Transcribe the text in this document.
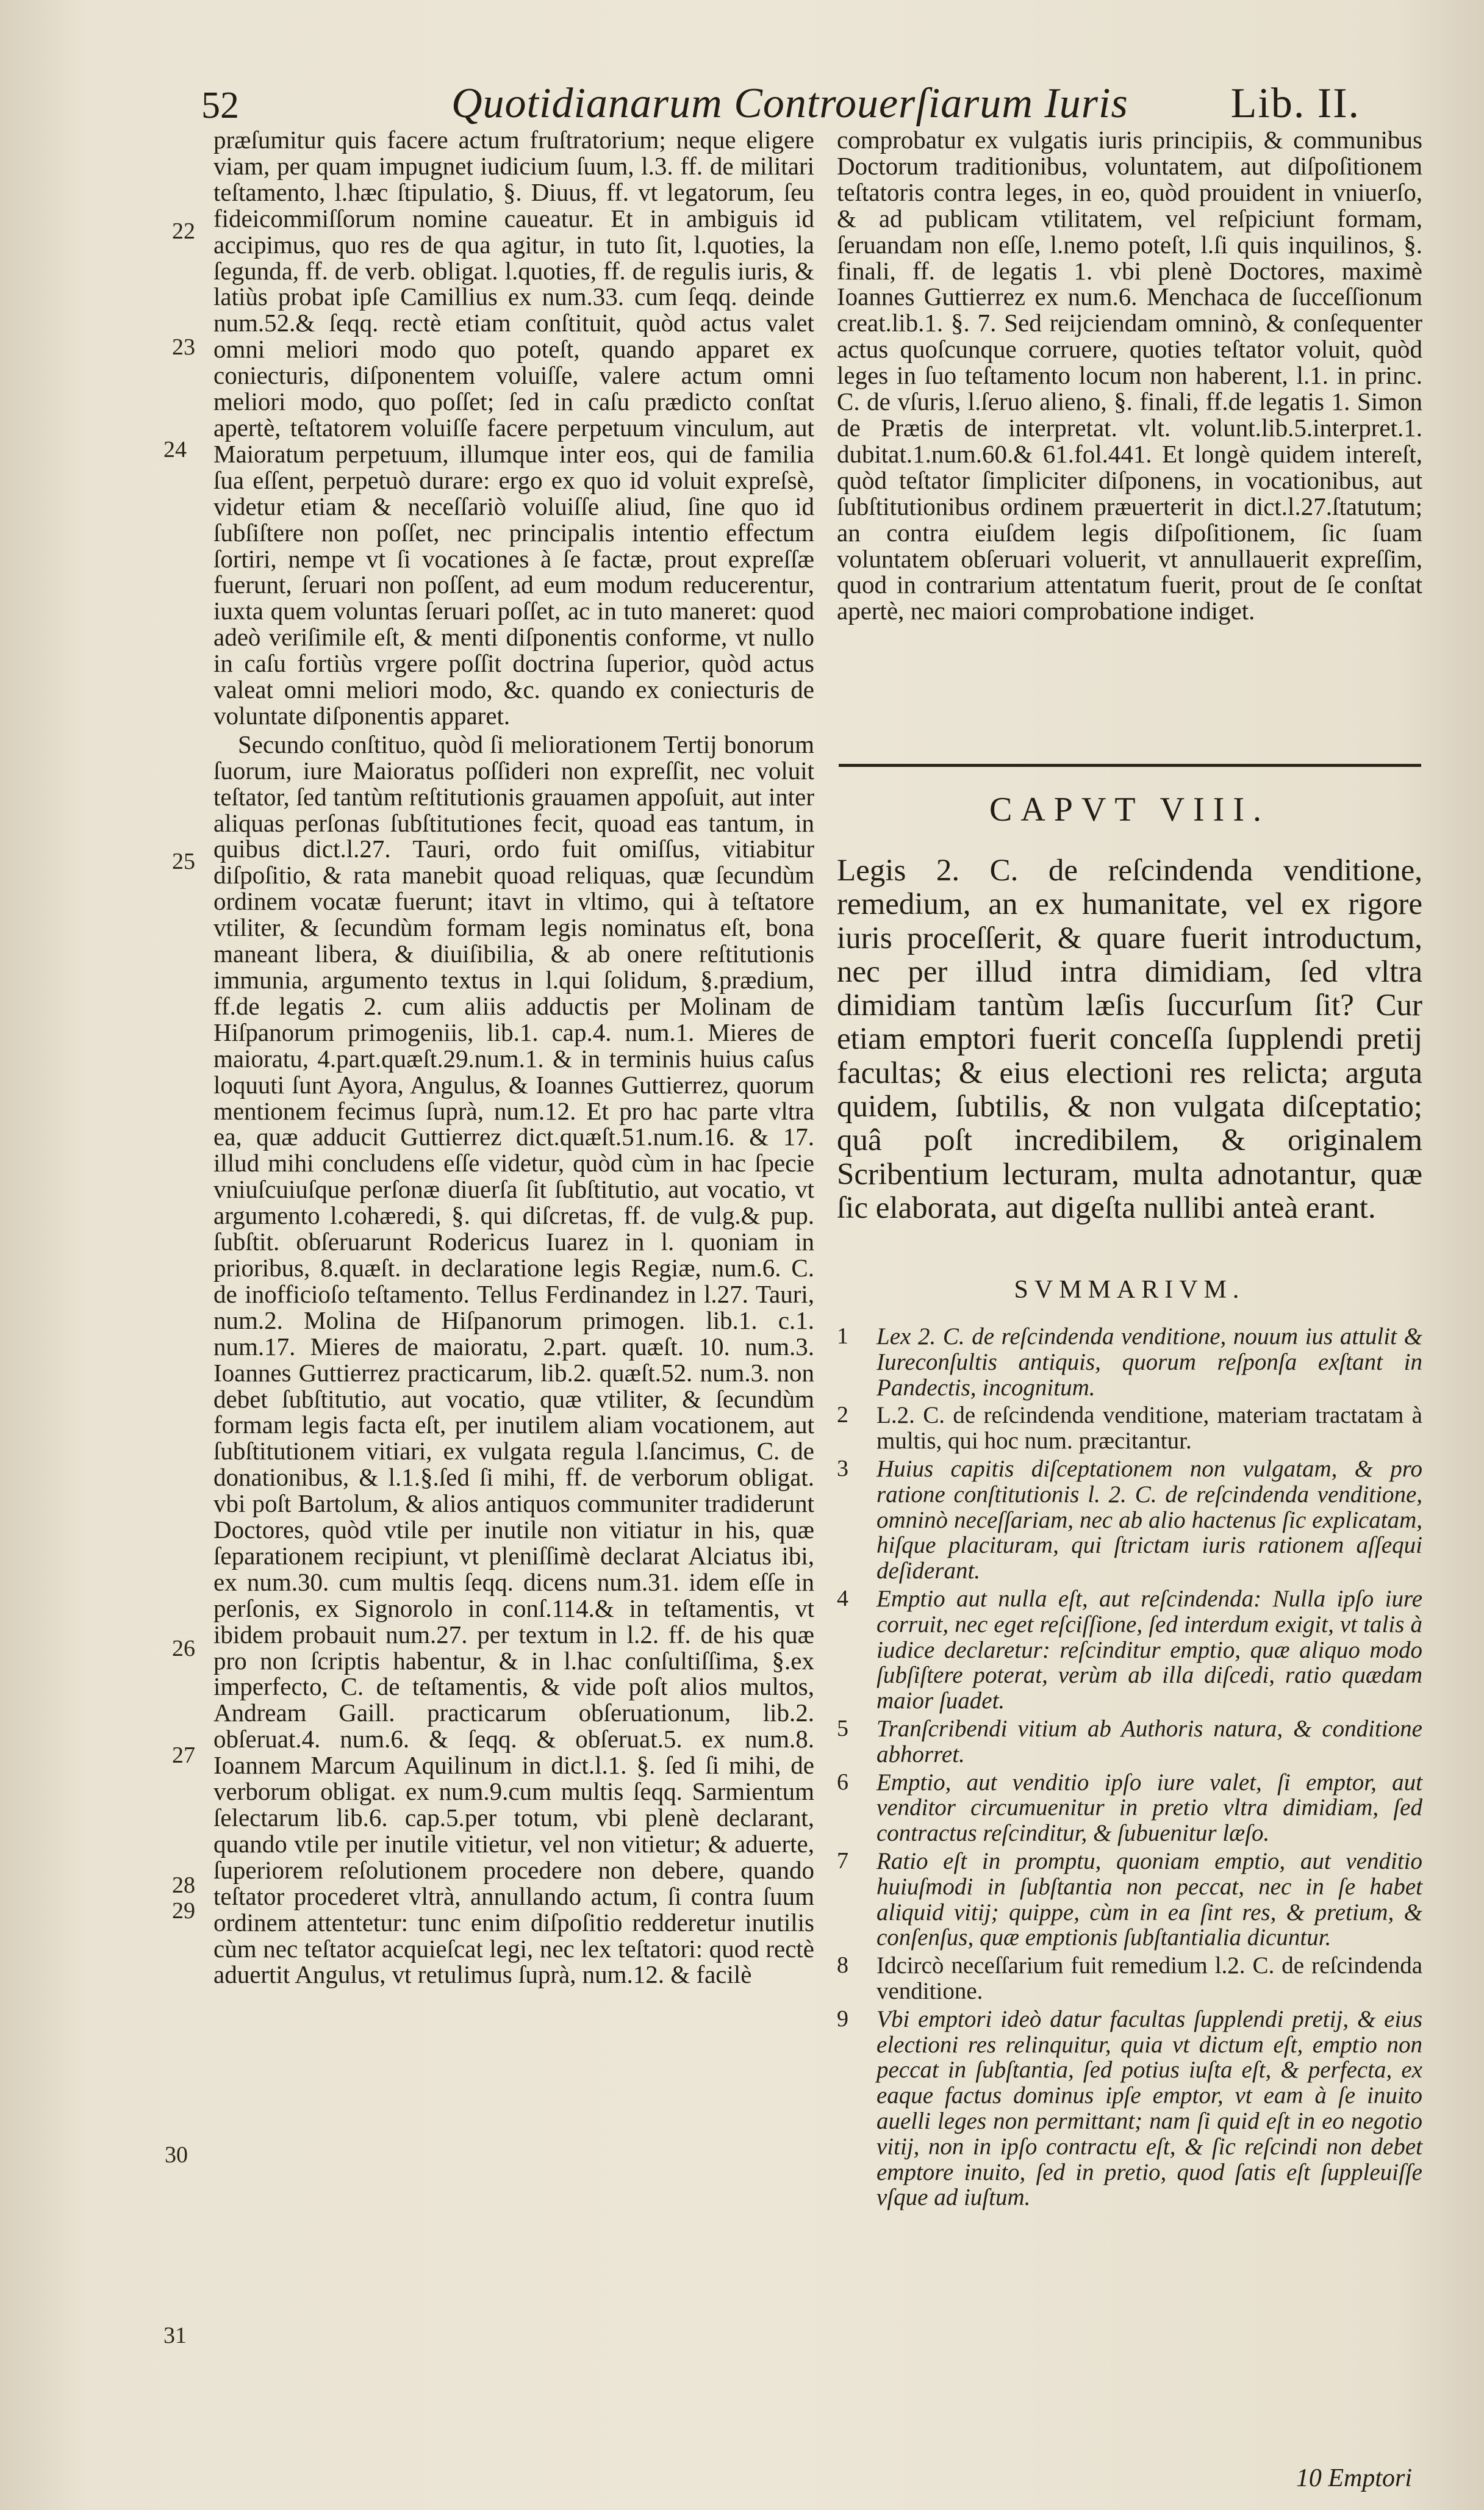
52	Quotidianarum Controuerſiarum Iuris Lib. II.
22
23
24
25
26
27
28
29
30
31

præſumitur quis facere actum fruſtratorium; neque eligere viam, per quam impugnet iudicium ſuum, l.3. ff. de militari teſtamento, l.hæc ſtipulatio, §. Diuus, ff. vt legatorum, ſeu fideicommiſſorum nomine caueatur. Et in ambiguis id accipimus, quo res de qua agitur, in tuto ſit, l.quoties, la ſegunda, ff. de verb. obligat. l.quoties, ff. de regulis iuris, & latiùs probat ipſe Camillius ex num.33. cum ſeqq. deinde num.52.& ſeqq. rectè etiam conſtituit, quòd actus valet omni meliori modo quo poteſt, quando apparet ex coniecturis, diſponentem voluiſſe, valere actum omni meliori modo, quo poſſet; ſed in caſu prædicto conſtat apertè, teſtatorem voluiſſe facere perpetuum vinculum, aut Maioratum perpetuum, illumque inter eos, qui de familia ſua eſſent, perpetuò durare: ergo ex quo id voluit expreſsè, videtur etiam & neceſſariò voluiſſe aliud, ſine quo id ſubſiſtere non poſſet, nec principalis intentio effectum ſortiri, nempe vt ſi vocationes à ſe factæ, prout expreſſæ fuerunt, ſeruari non poſſent, ad eum modum reducerentur, iuxta quem voluntas ſeruari poſſet, ac in tuto maneret: quod adeò veriſimile eſt, & menti diſponentis conforme, vt nullo in caſu fortiùs vrgere poſſit doctrina ſuperior, quòd actus valeat omni meliori modo, &c. quando ex coniecturis de voluntate diſponentis apparet.

Secundo conſtituo, quòd ſi meliorationem Tertij bonorum ſuorum, iure Maioratus poſſideri non expreſſit, nec voluit teſtator, ſed tantùm reſtitutionis grauamen appoſuit, aut inter aliquas perſonas ſubſtitutiones fecit, quoad eas tantum, in quibus dict.l.27. Tauri, ordo fuit omiſſus, vitiabitur diſpoſitio, & rata manebit quoad reliquas, quæ ſecundùm ordinem vocatæ fuerunt; itavt in vltimo, qui à teſtatore vtiliter, & ſecundùm formam legis nominatus eſt, bona maneant libera, & diuiſibilia, & ab onere reſtitutionis immunia, argumento textus in l.qui ſolidum, §.prædium, ff.de legatis 2. cum aliis adductis per Molinam de Hiſpanorum primogeniis, lib.1. cap.4. num.1. Mieres de maioratu, 4.part.quæſt.29.num.1. & in terminis huius caſus loquuti ſunt Ayora, Angulus, & Ioannes Guttierrez, quorum mentionem fecimus ſuprà, num.12. Et pro hac parte vltra ea, quæ adducit Guttierrez dict.quæſt.51.num.16. & 17. illud mihi concludens eſſe videtur, quòd cùm in hac ſpecie vniuſcuiuſque perſonæ diuerſa ſit ſubſtitutio, aut vocatio, vt argumento l.cohæredi, §. qui diſcretas, ff. de vulg.& pup. ſubſtit. obſeruarunt Rodericus Iuarez in l. quoniam in prioribus, 8.quæſt. in declaratione legis Regiæ, num.6. C. de inofficioſo teſtamento. Tellus Ferdinandez in l.27. Tauri, num.2. Molina de Hiſpanorum primogen. lib.1. c.1. num.17. Mieres de maioratu, 2.part. quæſt. 10. num.3. Ioannes Guttierrez practicarum, lib.2. quæſt.52. num.3. non debet ſubſtitutio, aut vocatio, quæ vtiliter, & ſecundùm formam legis facta eſt, per inutilem aliam vocationem, aut ſubſtitutionem vitiari, ex vulgata regula l.ſancimus, C. de donationibus, & l.1.§.ſed ſi mihi, ff. de verborum obligat. vbi poſt Bartolum, & alios antiquos communiter tradiderunt Doctores, quòd vtile per inutile non vitiatur in his, quæ ſeparationem recipiunt, vt pleniſſimè declarat Alciatus ibi, ex num.30. cum multis ſeqq. dicens num.31. idem eſſe in perſonis, ex Signorolo in conſ.114.& in teſtamentis, vt ibidem probauit num.27. per textum in l.2. ff. de his quæ pro non ſcriptis habentur, & in l.hac conſultiſſima, §.ex imperfecto, C. de teſtamentis, & vide poſt alios multos, Andream Gaill. practicarum obſeruationum, lib.2. obſeruat.4. num.6. & ſeqq. & obſeruat.5. ex num.8. Ioannem Marcum Aquilinum in dict.l.1. §. ſed ſi mihi, de verborum obligat. ex num.9.cum multis ſeqq. Sarmientum ſelectarum lib.6. cap.5.per totum, vbi plenè declarant, quando vtile per inutile vitietur, vel non vitietur; & aduerte, ſuperiorem reſolutionem procedere non debere, quando teſtator procederet vltrà, annullando actum, ſi contra ſuum ordinem attentetur: tunc enim diſpoſitio redderetur inutilis cùm nec teſtator acquieſcat legi, nec lex teſtatori: quod rectè aduertit Angulus, vt retulimus ſuprà, num.12. & facilè

comprobatur ex vulgatis iuris principiis, & communibus Doctorum traditionibus, voluntatem, aut diſpoſitionem teſtatoris contra leges, in eo, quòd prouident in vniuerſo, & ad publicam vtilitatem, vel reſpiciunt formam, ſeruandam non eſſe, l.nemo poteſt, l.ſi quis inquilinos, §. finali, ff. de legatis 1. vbi plenè Doctores, maximè Ioannes Guttierrez ex num.6. Menchaca de ſucceſſionum creat.lib.1. §. 7. Sed reijciendam omninò, & conſequenter actus quoſcunque corruere, quoties teſtator voluit, quòd leges in ſuo teſtamento locum non haberent, l.1. in princ. C. de vſuris, l.ſeruo alieno, §. finali, ff.de legatis 1. Simon de Prætis de interpretat. vlt. volunt.lib.5.interpret.1. dubitat.1.num.60.& 61.fol.441. Et longè quidem intereſt, quòd teſtator ſimpliciter diſponens, in vocationibus, aut ſubſtitutionibus ordinem præuerterit in dict.l.27.ſtatutum; an contra eiuſdem legis diſpoſitionem, ſic ſuam voluntatem obſeruari voluerit, vt annullauerit expreſſim, quod in contrarium attentatum fuerit, prout de ſe conſtat apertè, nec maiori comprobatione indiget.

CAPVT VIII.

Legis 2. C. de reſcindenda venditione, remedium, an ex humanitate, vel ex rigore iuris proceſſerit, & quare fuerit introductum, nec per illud intra dimidiam, ſed vltra dimidiam tantùm læſis ſuccurſum ſit? Cur etiam emptori fuerit conceſſa ſupplendi pretij facultas; & eius electioni res relicta; arguta quidem, ſubtilis, & non vulgata diſceptatio; quâ poſt incredibilem, & originalem Scribentium lecturam, multa adnotantur, quæ ſic elaborata, aut digeſta nullibi anteà erant.

SVMMARIVM.
1 Lex 2. C. de reſcindenda venditione, nouum ius attulit & Iureconſultis antiquis, quorum reſponſa exſtant in Pandectis, incognitum.
2 L.2. C. de reſcindenda venditione, materiam tractatam à multis, qui hoc num. præcitantur.
3 Huius capitis diſceptationem non vulgatam, & pro ratione conſtitutionis l. 2. C. de reſcindenda venditione, omninò neceſſariam, nec ab alio hactenus ſic explicatam, hiſque placituram, qui ſtrictam iuris rationem aſſequi deſiderant.
4 Emptio aut nulla eſt, aut reſcindenda: Nulla ipſo iure corruit, nec eget reſciſſione, ſed interdum exigit, vt talis à iudice declaretur: reſcinditur emptio, quæ aliquo modo ſubſiſtere poterat, verùm ab illa diſcedi, ratio quædam maior ſuadet.
5 Tranſcribendi vitium ab Authoris natura, & conditione abhorret.
6 Emptio, aut venditio ipſo iure valet, ſi emptor, aut venditor circumuenitur in pretio vltra dimidiam, ſed contractus reſcinditur, & ſubuenitur læſo.
7 Ratio eſt in promptu, quoniam emptio, aut venditio huiuſmodi in ſubſtantia non peccat, nec in ſe habet aliquid vitij; quippe, cùm in ea ſint res, & pretium, & conſenſus, quæ emptionis ſubſtantialia dicuntur.
8 Idcircò neceſſarium fuit remedium l.2. C. de reſcindenda venditione.
9 Vbi emptori ideò datur facultas ſupplendi pretij, & eius electioni res relinquitur, quia vt dictum eſt, emptio non peccat in ſubſtantia, ſed potius iuſta eſt, & perfecta, ex eaque factus dominus ipſe emptor, vt eam à ſe inuito auelli leges non permittant; nam ſi quid eſt in eo negotio vitij, non in ipſo contractu eſt, & ſic reſcindi non debet emptore inuito, ſed in pretio, quod ſatis eſt ſuppleuiſſe vſque ad iuſtum.
10 Emptori
